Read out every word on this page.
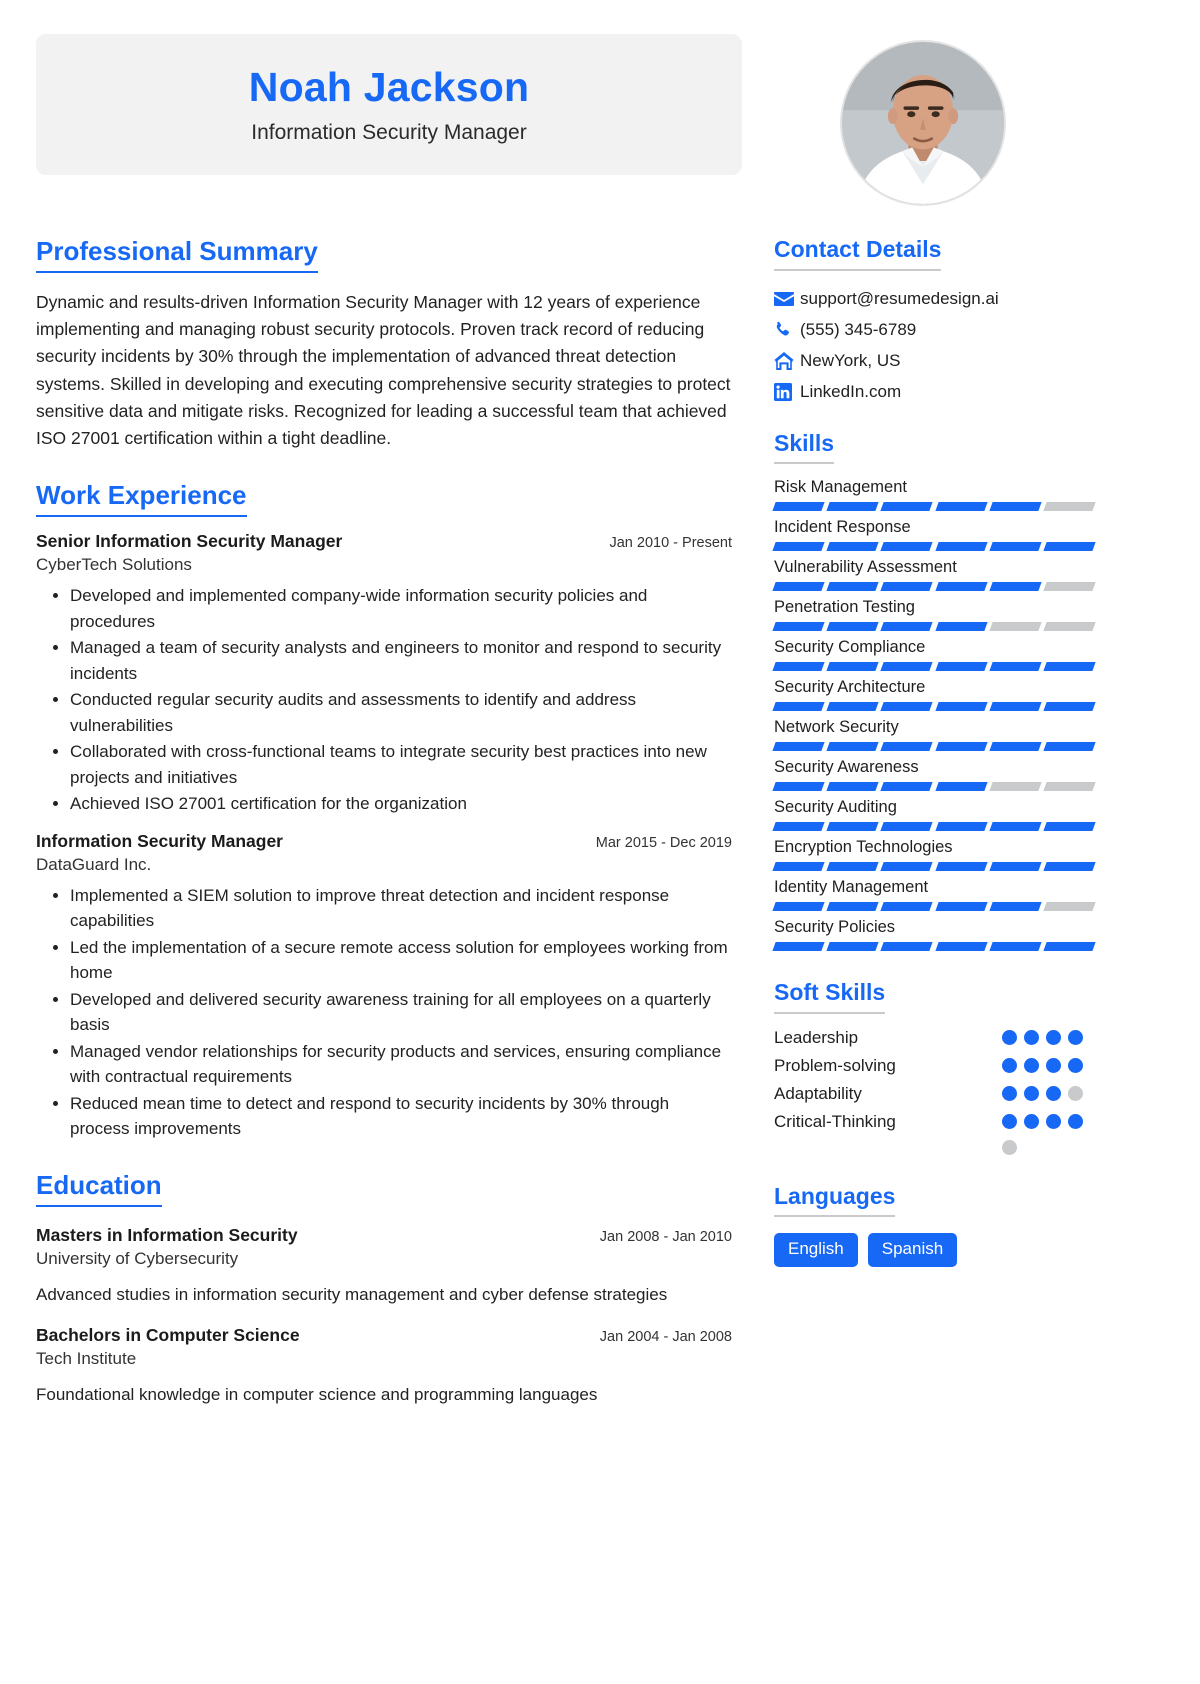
Noah Jackson
Information Security Manager
Professional Summary

Dynamic and results-driven Information Security Manager with 12 years of experience implementing and managing robust security protocols. Proven track record of reducing security incidents by 30% through the implementation of advanced threat detection systems. Skilled in developing and executing comprehensive security strategies to protect sensitive data and mitigate risks. Recognized for leading a successful team that achieved ISO 27001 certification within a tight deadline.

Work Experience
Senior Information Security Manager	Jan 2010 - Present
CyberTech Solutions
• Developed and implemented company-wide information security policies and procedures
• Managed a team of security analysts and engineers to monitor and respond to security incidents
• Conducted regular security audits and assessments to identify and address vulnerabilities
• Collaborated with cross-functional teams to integrate security best practices into new projects and initiatives
• Achieved ISO 27001 certification for the organization
Information Security Manager	Mar 2015 - Dec 2019
DataGuard Inc.
• Implemented a SIEM solution to improve threat detection and incident response capabilities
• Led the implementation of a secure remote access solution for employees working from home
• Developed and delivered security awareness training for all employees on a quarterly basis
• Managed vendor relationships for security products and services, ensuring compliance with contractual requirements
• Reduced mean time to detect and respond to security incidents by 30% through process improvements
Education
Masters in Information Security	Jan 2008 - Jan 2010
University of Cybersecurity

Advanced studies in information security management and cyber defense strategies

Bachelors in Computer Science	Jan 2004 - Jan 2008
Tech Institute

Foundational knowledge in computer science and programming languages

Contact Details
support@resumedesign.ai
(555) 345-6789
NewYork, US
LinkedIn.com
Skills
Risk Management
Incident Response
Vulnerability Assessment
Penetration Testing
Security Compliance
Security Architecture
Network Security
Security Awareness
Security Auditing
Encryption Technologies
Identity Management
Security Policies
Soft Skills
Leadership
Problem-solving
Adaptability
Critical-Thinking
Languages
English	Spanish
